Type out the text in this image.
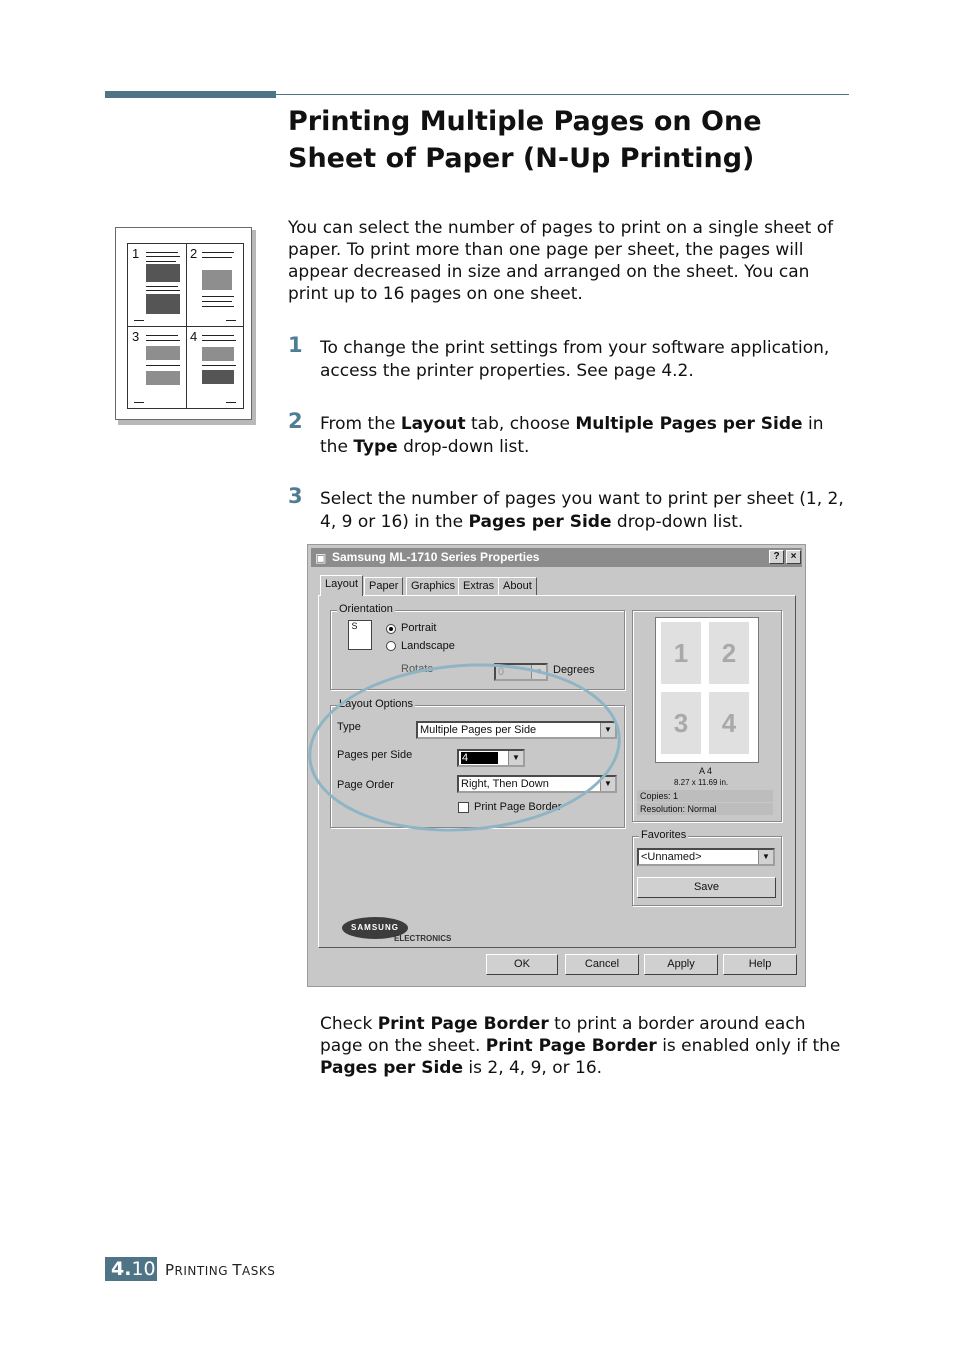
Printing Multiple Pages on One
Sheet of Paper (N-Up Printing)
1	2
3	4

You can select the number of pages to print on a single sheet of paper. To print more than one page per sheet, the pages will appear decreased in size and arranged on the sheet. You can print up to 16 pages on one sheet.

1 To change the print settings from your software application, access the printer properties. See page 4.2.
2 From the Layout tab, choose Multiple Pages per Side in the Type drop-down list.
3 Select the number of pages you want to print per sheet (1, 2, 4, 9 or 16) in the Pages per Side drop-down list.
▣ Samsung ML-1710 Series Properties	?	×
Layout Paper	Graphics Extras About
Orientation
S	Portrait
Landscape
Rotate	0	▼ Degrees
Layout Options
Type	Multiple Pages per Side	▼
Pages per Side	4	▼
Page Order	Right, Then Down	▼
Print Page Border
1	2
3	4
A 4
8.27 x 11.69 in.
Copies: 1
Resolution: Normal
Favorites
<Unnamed>	▼
Save
SAMSUNG
ELECTRONICS
OK	Cancel	Apply	Help

Check Print Page Border to print a border around each page on the sheet. Print Page Border is enabled only if the Pages per Side is 2, 4, 9, or 16.

4.10 PRINTING TASKS
